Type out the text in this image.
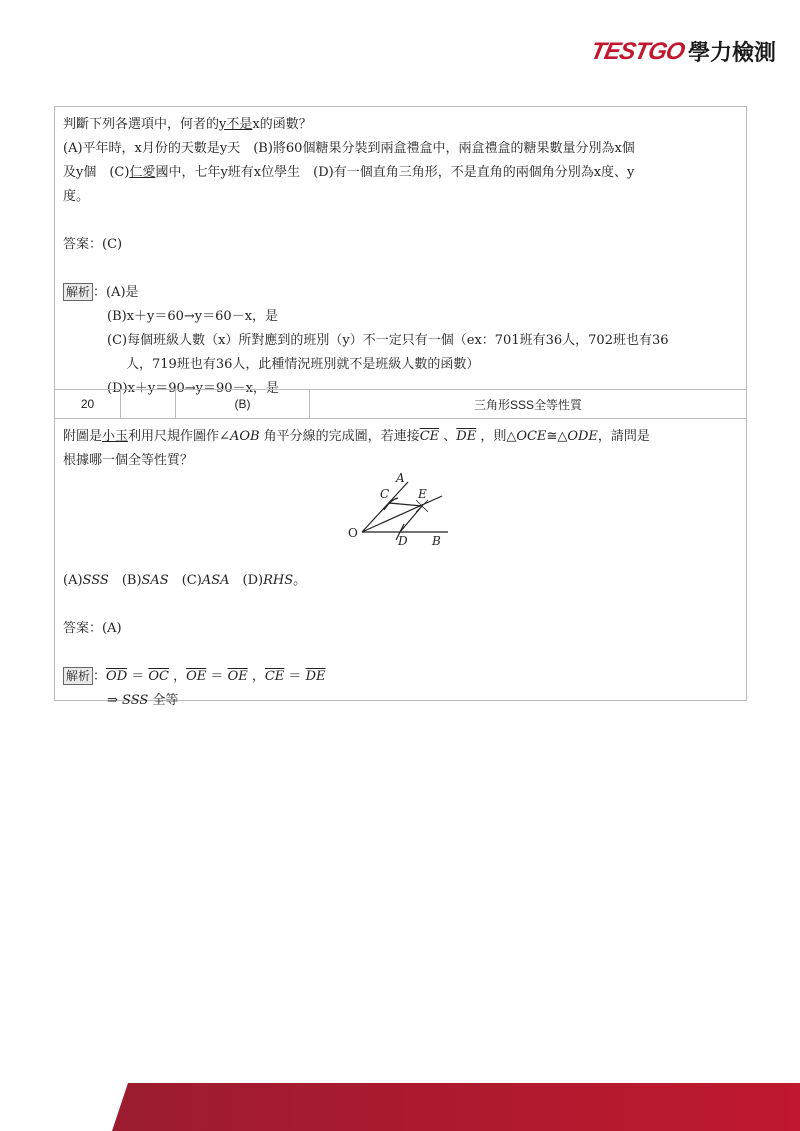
TESTGO 學力檢測
判斷下列各選項中，何者的y不是x的函數？
(A)平年時，x月份的天數是y天　(B)將60個糖果分裝到兩盒禮盒中，兩盒禮盒的糖果數量分別為x個
及y個　(C)仁愛國中，七年y班有x位學生　(D)有一個直角三角形，不是直角的兩個角分別為x度、y
度。
答案：(C)
解析 ：(A)是
(B)x＋y＝60→y＝60－x，是
(C)每個班級人數（x）所對應到的班別（y）不一定只有一個（ex：701班有36人，702班也有36
人，719班也有36人，此種情況班別就不是班級人數的函數）
(D)x＋y＝90→y＝90－x，是
20	(B)	三角形SSS全等性質
附圖是小玉利用尺規作圖作∠AOB 角平分線的完成圖，若連接$\overline{CE}$ 、$\overline{DE}$ ，則△OCE≅△ODE，請問是
根據哪一個全等性質？
(A)SSS　(B)SAS　(C)ASA　(D)RHS。
答案：(A)
解析 ：$\overline{OD} = \overline{OC}$ ，$\overline{OE} = \overline{OE}$ ，$\overline{CE} = \overline{DE}$
⇒ SSS 全等
A
C E
O
D B
